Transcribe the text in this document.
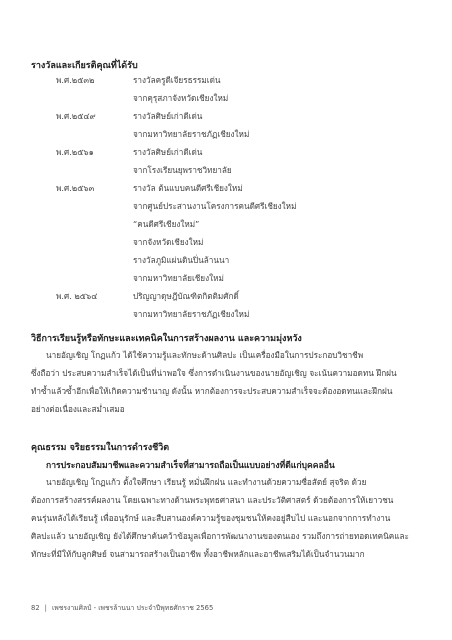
รางวัลและเกียรติคุณที่ได้รับ
พ.ศ.๒๕๓๒	รางวัลครูดีเจียรธรรมเด่น
จากคุรุสภาจังหวัดเชียงใหม่
พ.ศ.๒๕๔๙	รางวัลศิษย์เก่าดีเด่น
จากมหาวิทยาลัยราชภัฏเชียงใหม่
พ.ศ.๒๕๖๑	รางวัลศิษย์เก่าดีเด่น
จากโรงเรียนยุพราชวิทยาลัย
พ.ศ.๒๕๖๓	รางวัล ต้นแบบคนดีศรีเชียงใหม่
จากศูนย์ประสานงานโครงการคนดีศรีเชียงใหม่
“คนดีศรีเชียงใหม่”
จากจังหวัดเชียงใหม่
รางวัลภูมิแผ่นดินปิ่นล้านนา
จากมหาวิทยาลัยเชียงใหม่
พ.ศ. ๒๕๖๔	ปริญญาดุษฎีบัณฑิตกิตติมศักดิ์
จากมหาวิทยาลัยราชภัฏเชียงใหม่
วิธีการเรียนรู้หรือทักษะและเทคนิคในการสร้างผลงาน และความมุ่งหวัง
นายอัญเชิญ โกฏแก้ว ได้ใช้ความรู้และทักษะด้านศิลปะ เป็นเครื่องมือในการประกอบวิชาชีพ
ซึ่งถือว่า ประสบความสำเร็จได้เป็นที่น่าพอใจ ซึ่งการดำเนินงานของนายอัญเชิญ จะเน้นความอดทน ฝึกฝน
ทำซ้ำแล้วซ้ำอีกเพื่อให้เกิดความชำนาญ ดังนั้น หากต้องการจะประสบความสำเร็จจะต้องอดทนและฝึกฝน
อย่างต่อเนื่องและสม่ำเสมอ
คุณธรรม จริยธรรมในการดำรงชีวิต
การประกอบสัมมาชีพและความสำเร็จที่สามารถถือเป็นแบบอย่างที่ดีแก่บุคคลอื่น
นายอัญเชิญ โกฏแก้ว ตั้งใจศึกษา เรียนรู้ หมั่นฝึกฝน และทำงานด้วยความซื่อสัตย์ สุจริต ด้วย
ต้องการสร้างสรรค์ผลงาน โดยเฉพาะทางด้านพระพุทธศาสนา และประวัติศาสตร์ ด้วยต้องการให้เยาวชน
คนรุ่นหลังได้เรียนรู้ เพื่ออนุรักษ์ และสืบสานองค์ความรู้ของชุมชนให้คงอยู่สืบไป และนอกจากการทำงาน
ศิลปะแล้ว นายอัญเชิญ ยังได้ศึกษาค้นคว้าข้อมูลเพื่อการพัฒนางานของตนเอง รวมถึงการถ่ายทอดเทคนิคและ
ทักษะที่มีให้กับลูกศิษย์ จนสามารถสร้างเป็นอาชีพ ทั้งอาชีพหลักและอาชีพเสริมได้เป็นจำนวนมาก
82 | เพชรงามศิลป์ - เพชรล้านนา ประจำปีพุทธศักราช 2565
